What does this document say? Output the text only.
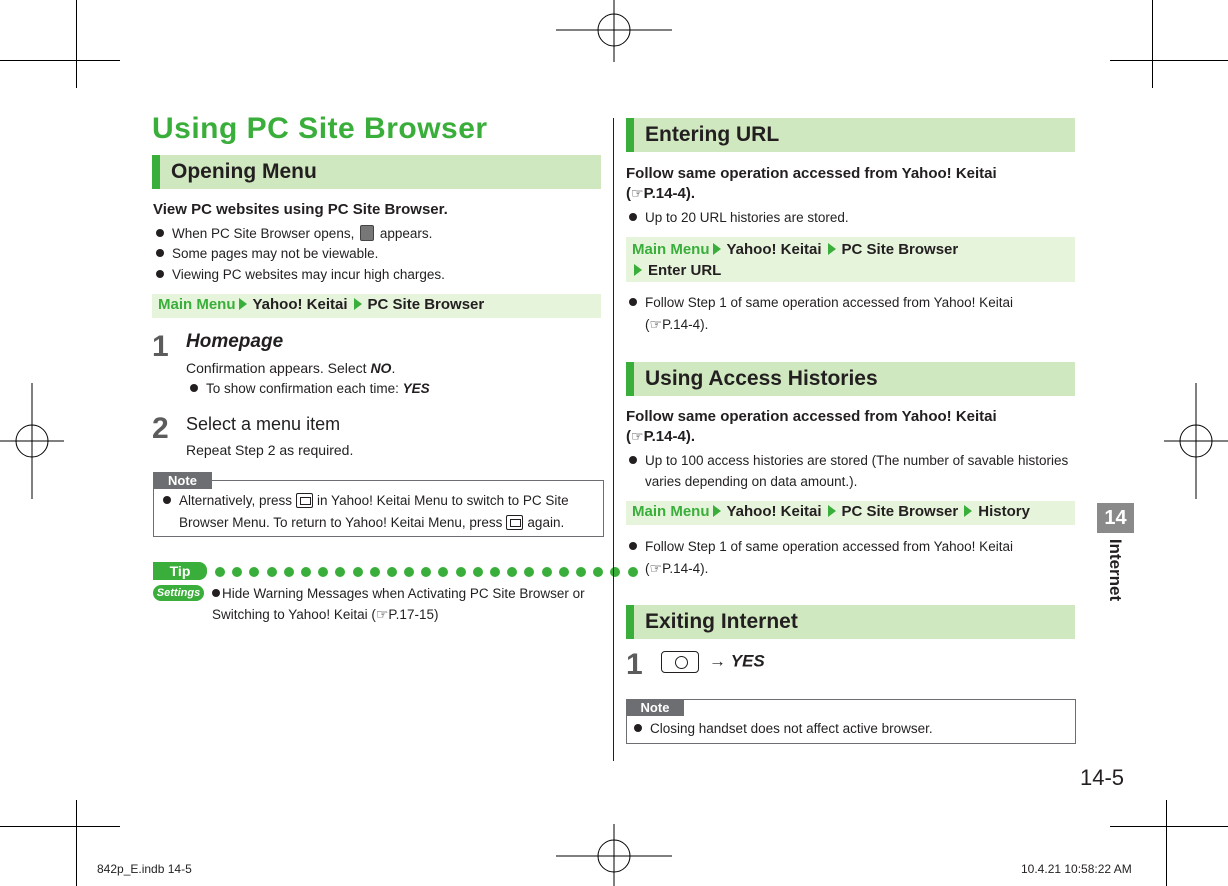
Using PC Site Browser
Opening Menu
View PC websites using PC Site Browser.
When PC Site Browser opens, appears.
Some pages may not be viewable.
Viewing PC websites may incur high charges.
Main Menu Yahoo! Keitai PC Site Browser
1 Homepage
Confirmation appears. Select NO.
To show confirmation each time: YES
2 Select a menu item
Repeat Step 2 as required.
Note
Alternatively, press in Yahoo! Keitai Menu to switch to PC Site
Browser Menu. To return to Yahoo! Keitai Menu, press again.
Tip
Settings	Hide Warning Messages when Activating PC Site Browser or
Switching to Yahoo! Keitai (☞P.17-15)
Entering URL
Follow same operation accessed from Yahoo! Keitai
(☞P.14-4).
Up to 20 URL histories are stored.
Main Menu Yahoo! Keitai PC Site Browser
Enter URL
Follow Step 1 of same operation accessed from Yahoo! Keitai
(☞P.14-4).
Using Access Histories
Follow same operation accessed from Yahoo! Keitai
(☞P.14-4).
Up to 100 access histories are stored (The number of savable histories
varies depending on data amount.).
Main Menu Yahoo! Keitai PC Site Browser History
Follow Step 1 of same operation accessed from Yahoo! Keitai
(☞P.14-4).
Exiting Internet
1	→ YES
Note
Closing handset does not affect active browser.
14
Internet
14-5
842p_E.indb 14-5	10.4.21 10:58:22 AM
